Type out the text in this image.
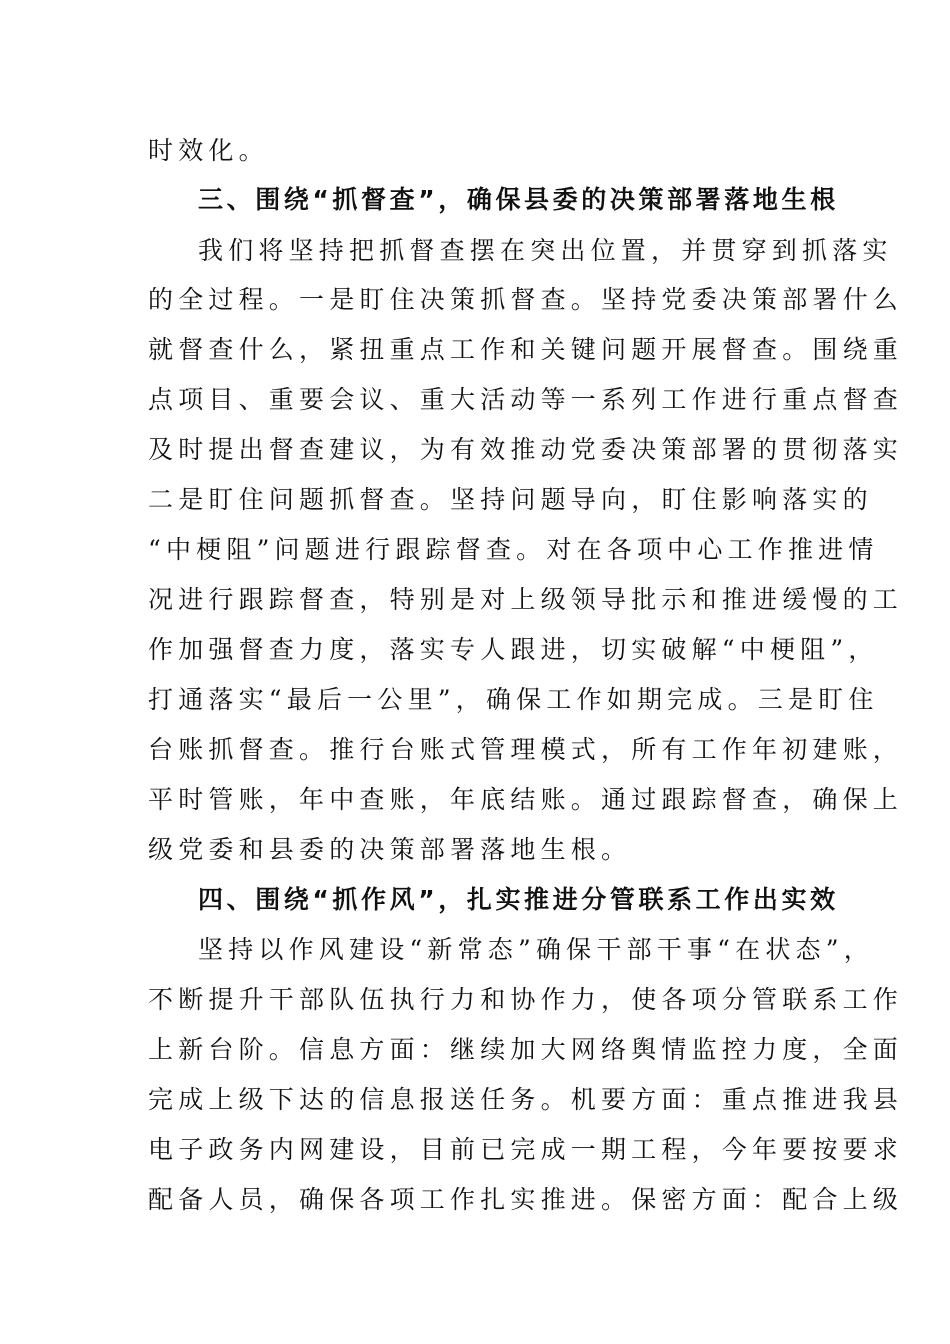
时效化。
三、围绕“抓督查”，确保县委的决策部署落地生根
我们将坚持把抓督查摆在突出位置，并贯穿到抓落实
的全过程。一是盯住决策抓督查。坚持党委决策部署什么
就督查什么，紧扭重点工作和关键问题开展督查。围绕重
点项目、重要会议、重大活动等一系列工作进行重点督查
及时提出督查建议，为有效推动党委决策部署的贯彻落实
二是盯住问题抓督查。坚持问题导向，盯住影响落实的
“中梗阻”问题进行跟踪督查。对在各项中心工作推进情
况进行跟踪督查，特别是对上级领导批示和推进缓慢的工
作加强督查力度，落实专人跟进，切实破解“中梗阻”，
打通落实“最后一公里”，确保工作如期完成。三是盯住
台账抓督查。推行台账式管理模式，所有工作年初建账，
平时管账，年中查账，年底结账。通过跟踪督查，确保上
级党委和县委的决策部署落地生根。
四、围绕“抓作风”，扎实推进分管联系工作出实效
坚持以作风建设“新常态”确保干部干事“在状态”，
不断提升干部队伍执行力和协作力，使各项分管联系工作
上新台阶。信息方面：继续加大网络舆情监控力度，全面
完成上级下达的信息报送任务。机要方面：重点推进我县
电子政务内网建设，目前已完成一期工程，今年要按要求
配备人员，确保各项工作扎实推进。保密方面：配合上级
